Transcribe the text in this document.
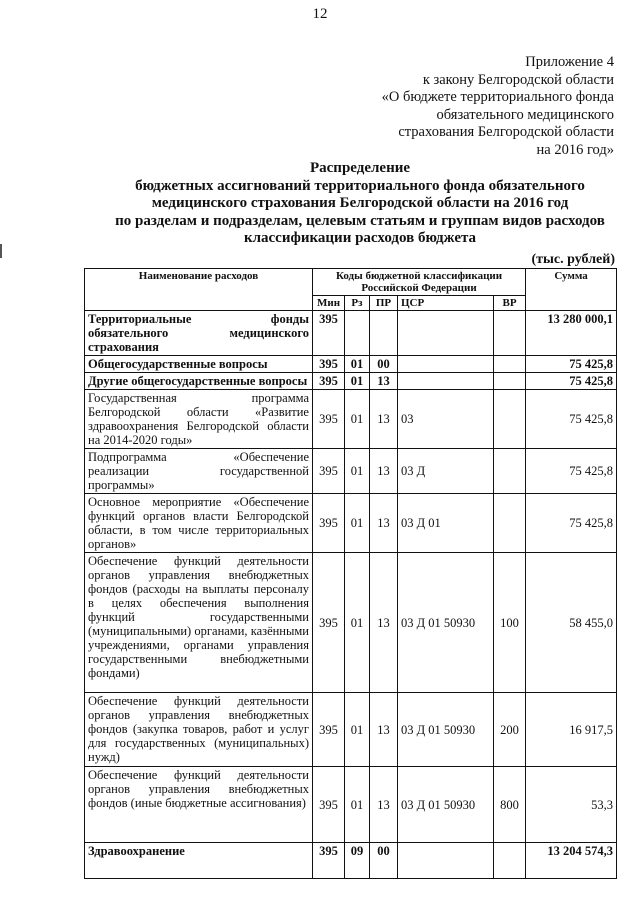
12
Приложение 4
к закону Белгородской области
«О бюджете территориального фонда
обязательного медицинского
страхования Белгородской области
на 2016 год»
Распределение
бюджетных ассигнований территориального фонда обязательного
медицинского страхования Белгородской области на 2016 год
по разделам и подразделам, целевым статьям и группам видов расходов
классификации расходов бюджета
(тыс. рублей)
Наименование расходов	Коды бюджетной классификации Российской Федерации					Сумма
	Мин	Рз	ПР	ЦСР	ВР	
Территориальные фонды обязательного медицинского страхования	395					13 280 000,1
Общегосударственные вопросы	395	01	00			75 425,8
Другие общегосударственные вопросы	395	01	13			75 425,8
Государственная программа Белгородской области «Развитие здравоохранения Белгородской области на 2014-2020 годы»	395	01	13	03		75 425,8
Подпрограмма «Обеспечение реализации государственной программы»	395	01	13	03 Д		75 425,8
Основное мероприятие «Обеспечение функций органов власти Белгородской области, в том числе территориальных органов»	395	01	13	03 Д 01		75 425,8
Обеспечение функций деятельности органов управления внебюджетных фондов (расходы на выплаты персоналу в целях обеспечения выполнения функций государственными (муниципальными) органами, казёнными учреждениями, органами управления государственными внебюджетными фондами)	395	01	13	03 Д 01 50930	100	58 455,0
Обеспечение функций деятельности органов управления внебюджетных фондов (закупка товаров, работ и услуг для государственных (муниципальных) нужд)	395	01	13	03 Д 01 50930	200	16 917,5
Обеспечение функций деятельности органов управления внебюджетных фондов (иные бюджетные ассигнования)	395	01	13	03 Д 01 50930	800	53,3
Здравоохранение	395	09	00			13 204 574,3
